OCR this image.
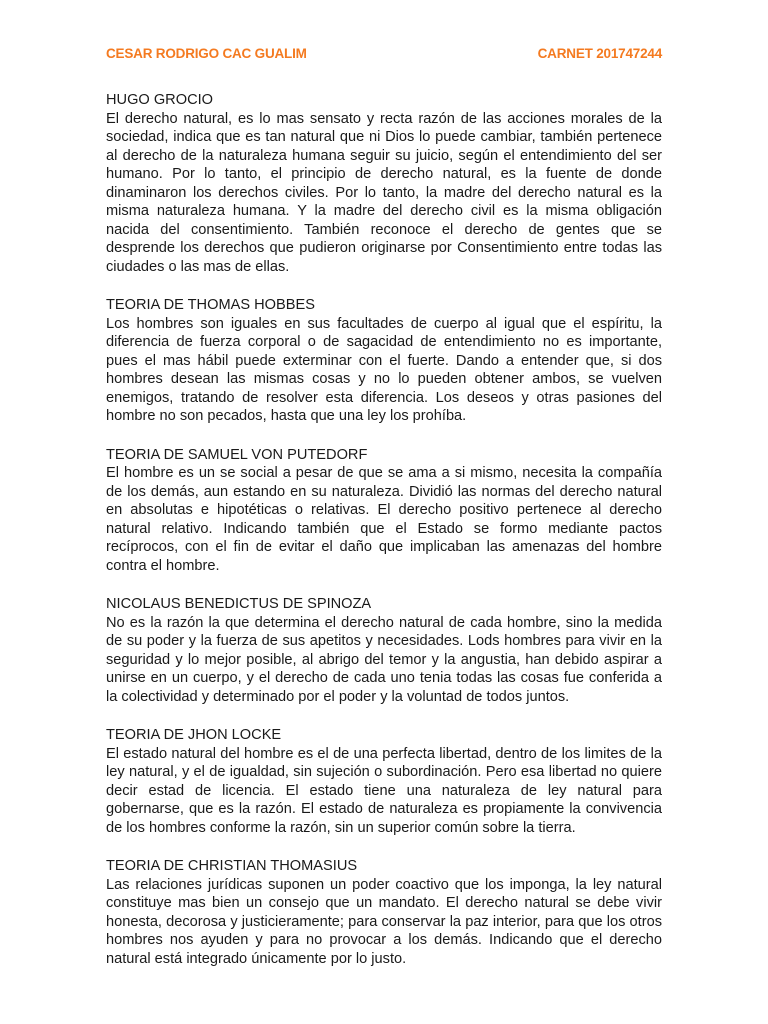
CESAR RODRIGO CAC GUALIM	CARNET 201747244

HUGO GROCIO

El derecho natural, es lo mas sensato y recta razón de las acciones morales de la sociedad, indica que es tan natural que ni Dios lo puede cambiar, también pertenece al derecho de la naturaleza humana seguir su juicio, según el entendimiento del ser humano. Por lo tanto, el principio de derecho natural, es la fuente de donde dinaminaron los derechos civiles. Por lo tanto, la madre del derecho natural es la misma naturaleza humana. Y la madre del derecho civil es la misma obligación nacida del consentimiento. También reconoce el derecho de gentes que se desprende los derechos que pudieron originarse por Consentimiento entre todas las ciudades o las mas de ellas.

TEORIA DE THOMAS HOBBES

Los hombres son iguales en sus facultades de cuerpo al igual que el espíritu, la diferencia de fuerza corporal o de sagacidad de entendimiento no es importante, pues el mas hábil puede exterminar con el fuerte. Dando a entender que, si dos hombres desean las mismas cosas y no lo pueden obtener ambos, se vuelven enemigos, tratando de resolver esta diferencia. Los deseos y otras pasiones del hombre no son pecados, hasta que una ley los prohíba.

TEORIA DE SAMUEL VON PUTEDORF

El hombre es un se social a pesar de que se ama a si mismo, necesita la compañía de los demás, aun estando en su naturaleza. Dividió las normas del derecho natural en absolutas e hipotéticas o relativas. El derecho positivo pertenece al derecho natural relativo. Indicando también que el Estado se formo mediante pactos recíprocos, con el fin de evitar el daño que implicaban las amenazas del hombre contra el hombre.

NICOLAUS BENEDICTUS DE SPINOZA

No es la razón la que determina el derecho natural de cada hombre, sino la medida de su poder y la fuerza de sus apetitos y necesidades. Lods hombres para vivir en la seguridad y lo mejor posible, al abrigo del temor y la angustia, han debido aspirar a unirse en un cuerpo, y el derecho de cada uno tenia todas las cosas fue conferida a la colectividad y determinado por el poder y la voluntad de todos juntos.

TEORIA DE JHON LOCKE

El estado natural del hombre es el de una perfecta libertad, dentro de los limites de la ley natural, y el de igualdad, sin sujeción o subordinación. Pero esa libertad no quiere decir estad de licencia. El estado tiene una naturaleza de ley natural para gobernarse, que es la razón. El estado de naturaleza es propiamente la convivencia de los hombres conforme la razón, sin un superior común sobre la tierra.

TEORIA DE CHRISTIAN THOMASIUS

Las relaciones jurídicas suponen un poder coactivo que los imponga, la ley natural constituye mas bien un consejo que un mandato. El derecho natural se debe vivir honesta, decorosa y justicieramente; para conservar la paz interior, para que los otros hombres nos ayuden y para no provocar a los demás. Indicando que el derecho natural está integrado únicamente por lo justo.
